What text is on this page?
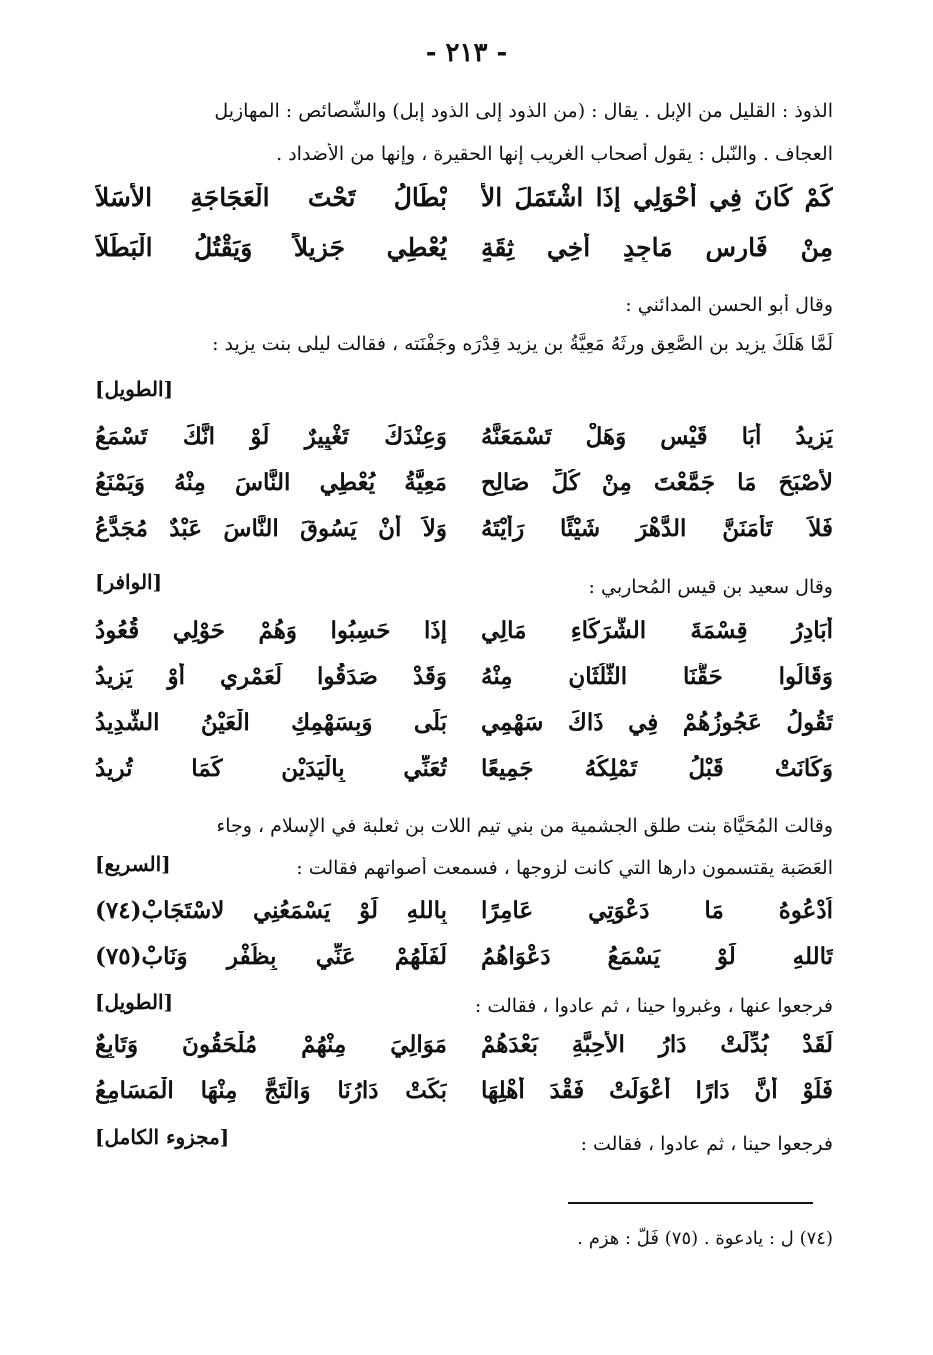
- ٢١٣ -
الذوذ : القليل من الإبل . يقال : (من الذود إلى الذود إبل) والشّصائص : المهازيل
العجاف . والنّبل : يقول أصحاب الغريب إنها الحقيرة ، وإنها من الأضداد .
كَمْ كَانَ فِي أَحْوَلِي إِذَا اشْتَمَلَ الأ
بْطَالُ تَحْتَ الْعَجَاجَةِ الأَسَلاَ
مِنْ فَارِسٍ مَاجِدٍ أَخِي ثِقَةٍ
يُعْطِي جَزِيلاً وَيَقْتُلُ الْبَطَلاَ
وقال أبو الحسن المدائني :
لَمَّا هَلَكَ يزيد بن الصَّعِق ورثَهُ مَعِيَّةُ بن يزيد قِدْرَه وجَفْنَته ، فقالت ليلى بنت يزيد :
[الطويل]
يَزِيدُ أَبَا قَيْسٍ وَهَلْ تَسْمَعَنَّهُ
وَعِنْدَكَ تَغْيِيرٌ لَوْ انَّكَ تَسْمَعُ
لأَصْبَحَ مَا جَمَّعْتَ مِنْ كُلِّ صَالِحٍ
مَعِيَّةُ يُعْطِي النَّاسَ مِنْهُ وَيَمْنَعُ
فَلاَ تَأْمَنَنَّ الدَّهْرَ شَيْئًا رَأَيْتَهُ
وَلاَ أَنْ يَسُوقَ النَّاسَ عَبْدٌ مُجَدَّعُ
وقال سعيد بن قيس المُحاربي :
[الوافر]
أُبَادِرُ قِسْمَةَ الشُّرَكَاءِ مَالِي
إِذَا حَسِبُوا وَهُمْ حَوْلِي قُعُودُ
وَقَالُوا حَقُّنَا الثُّلُثَانِ مِنْهُ
وَقَدْ صَدَقُوا لَعَمْرِي أَوْ يَزِيدُ
تَقُولُ عَجُوزُهُمْ فِي ذَاكَ سَهْمِي
بَلَى وَبِسَهْمِكِ الْعَيْنُ الشَّدِيدُ
وَكَانَتْ قَبْلُ تَمْلِكُهُ جَمِيعًا
تُعَنِّي بِالْيَدَيْنِ كَمَا تُرِيدُ
وقالت المُحَيَّاة بنت طلق الجشمية من بني تيم اللات بن ثعلبة في الإسلام ، وجاء
العَصَبة يقتسمون دارها التي كانت لزوجها ، فسمعت أصواتهم فقالت :
[السريع]
اُدْعُوهُ مَا دَعْوَتِي عَامِرًا
بِاللهِ لَوْ يَسْمَعُنِي لاسْتَجَابْ(٧٤)
تَاللهِ لَوْ يَسْمَعُ دَعْوَاهُمُ
لَفَلَّهُمْ عَنِّي بِظُفْرٍ وَنَابْ(٧٥)
فرجعوا عنها ، وغبروا حينا ، ثم عادوا ، فقالت :
[الطويل]
لَقَدْ بُدِّلَتْ دَارُ الأَحِبَّةِ بَعْدَهُمْ
مَوَالِيَ مِنْهُمْ مُلْحَقُونَ وَتَابِعٌ
فَلَوْ أَنَّ دَارًا أَعْوَلَتْ فَقْدَ أَهْلِهَا
بَكَتْ دَارُنَا وَالْتَجَّ مِنْهَا الْمَسَامِعُ
فرجعوا حينا ، ثم عادوا ، فقالت :
[مجزوء الكامل]
(٧٤) ل : يادعوة . (٧٥) فَلّ : هزم .
